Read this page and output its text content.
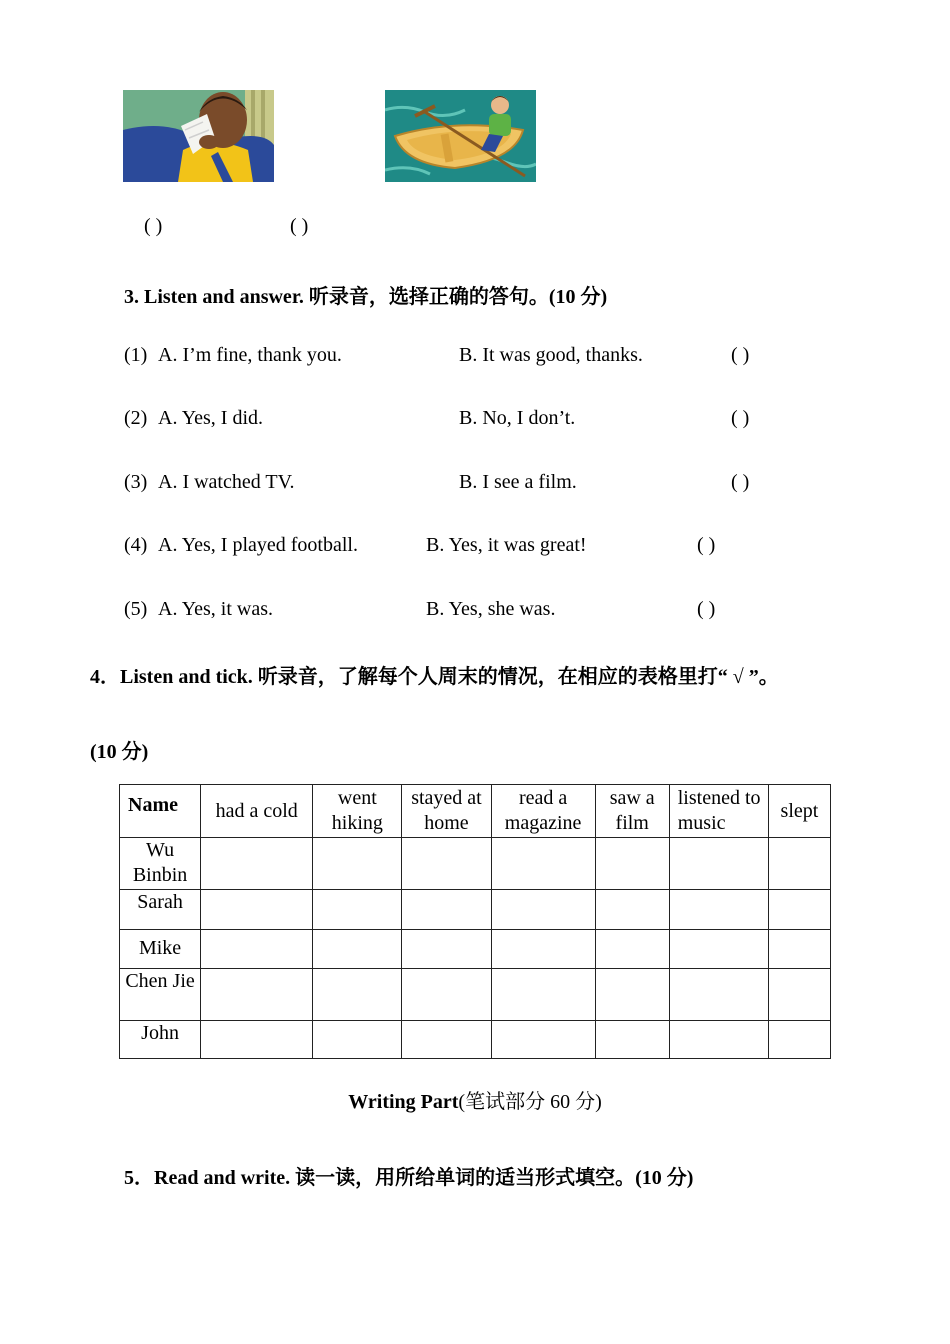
( )	( )
3. Listen and answer. 听录音，选择正确的答句。(10 分)
(1) A. I’m fine, thank you.	B. It was good, thanks.	( )
(2) A. Yes, I did.	B. No, I don’t.	( )
(3) A. I watched TV.	B. I see a film.	( )
(4) A. Yes, I played football.	B. Yes, it was great!	( )
(5) A. Yes, it was.	B. Yes, she was.	( )
4．Listen and tick. 听录音，了解每个人周末的情况，在相应的表格里打“ √ ”。
(10 分)
Name	had a cold	went hiking	stayed at home	read a magazine	saw a film	listened to music	slept
Wu Binbin							
Sarah							
Mike							
Chen Jie							
John							
Writing Part(笔试部分 60 分)
5．Read and write. 读一读，用所给单词的适当形式填空。(10 分)
